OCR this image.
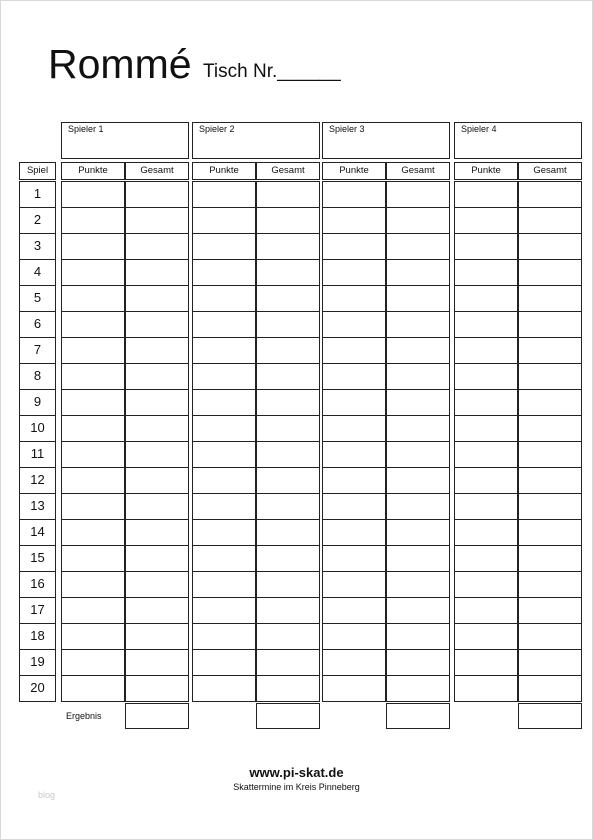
Rommé Tisch Nr.______
Spieler 1	Spieler 2	Spieler 3	Spieler 4
Spiel	Punkte	Gesamt	Punkte	Gesamt	Punkte	Gesamt	Punkte	Gesamt
1
2
3
4
5
6
7
8
9
10
11
12
13
14
15
16
17
18
19
20
Ergebnis
www.pi-skat.de
Skattermine im Kreis Pinneberg
blog
